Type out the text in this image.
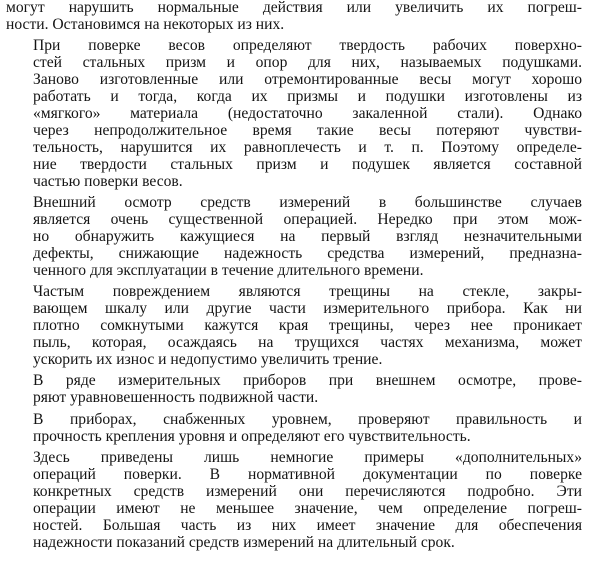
могут нарушить нормальные действия или увеличить их погреш-
ности. Остановимся на некоторых из них.
При поверке весов определяют твердость рабочих поверхно-
стей стальных призм и опор для них, называемых подушками.
Заново изготовленные или отремонтированные весы могут хорошо
работать и тогда, когда их призмы и подушки изготовлены из
«мягкого» материала (недостаточно закаленной стали). Однако
через непродолжительное время такие весы потеряют чувстви-
тельность, нарушится их равноплечесть и т. п. Поэтому определе-
ние твердости стальных призм и подушек является составной
частью поверки весов.
Внешний осмотр средств измерений в большинстве случаев
является очень существенной операцией. Нередко при этом мож-
но обнаружить кажущиеся на первый взгляд незначительными
дефекты, снижающие надежность средства измерений, предназна-
ченного для эксплуатации в течение длительного времени.
Частым повреждением являются трещины на стекле, закры-
вающем шкалу или другие части измерительного прибора. Как ни
плотно сомкнутыми кажутся края трещины, через нее проникает
пыль, которая, осаждаясь на трущихся частях механизма, может
ускорить их износ и недопустимо увеличить трение.
В ряде измерительных приборов при внешнем осмотре, прове-
ряют уравновешенность подвижной части.
В приборах, снабженных уровнем, проверяют правильность и
прочность крепления уровня и определяют его чувствительность.
Здесь приведены лишь немногие примеры «дополнительных»
операций поверки. В нормативной документации по поверке
конкретных средств измерений они перечисляются подробно. Эти
операции имеют не меньшее значение, чем определение погреш-
ностей. Большая часть из них имеет значение для обеспечения
надежности показаний средств измерений на длительный срок.
